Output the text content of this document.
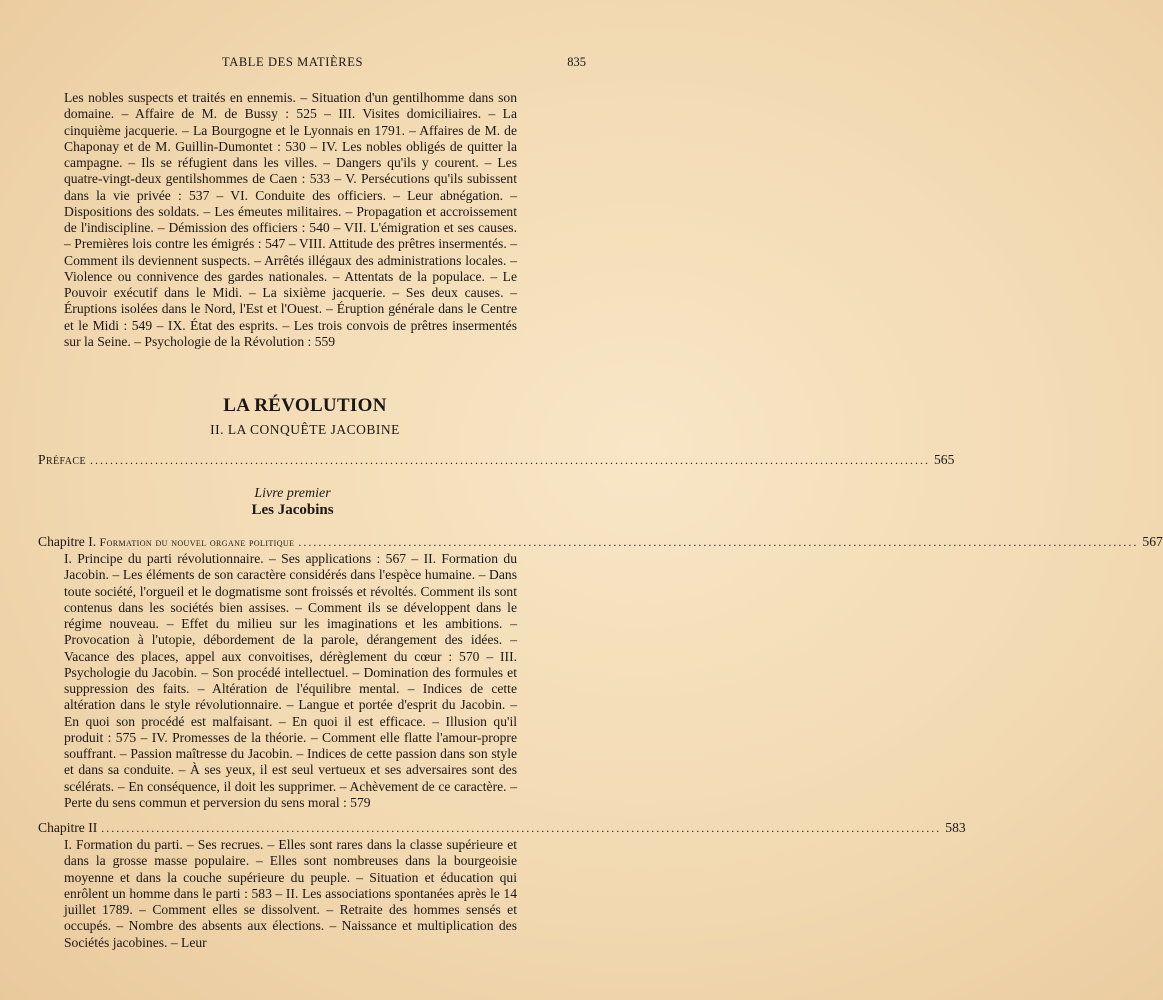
TABLE DES MATIÈRES	835

Les nobles suspects et traités en ennemis. – Situation d'un gentilhomme dans son domaine. – Affaire de M. de Bussy : 525 – III. Visites domiciliaires. – La cinquième jacquerie. – La Bourgogne et le Lyonnais en 1791. – Affaires de M. de Chaponay et de M. Guillin-Dumontet : 530 – IV. Les nobles obligés de quitter la campagne. – Ils se réfugient dans les villes. – Dangers qu'ils y courent. – Les quatre-vingt-deux gentilshommes de Caen : 533 – V. Persécutions qu'ils subissent dans la vie privée : 537 – VI. Conduite des officiers. – Leur abnégation. – Dispositions des soldats. – Les émeutes militaires. – Propagation et accroissement de l'indiscipline. – Démission des officiers : 540 – VII. L'émigration et ses causes. – Premières lois contre les émigrés : 547 – VIII. Attitude des prêtres insermentés. – Comment ils deviennent suspects. – Arrêtés illégaux des administrations locales. – Violence ou connivence des gardes nationales. – Attentats de la populace. – Le Pouvoir exécutif dans le Midi. – La sixième jacquerie. – Ses deux causes. – Éruptions isolées dans le Nord, l'Est et l'Ouest. – Éruption générale dans le Centre et le Midi : 549 – IX. État des esprits. – Les trois convois de prêtres insermentés sur la Seine. – Psychologie de la Révolution : 559

LA RÉVOLUTION
II. LA CONQUÊTE JACOBINE
Préface ........................................................................................................................................................................ 565
Livre premier
Les Jacobins
Chapitre I. Formation du nouvel organe politique ........................................................................................................................................................................ 567

I. Principe du parti révolutionnaire. – Ses applications : 567 – II. Formation du Jacobin. – Les éléments de son caractère considérés dans l'espèce humaine. – Dans toute société, l'orgueil et le dogmatisme sont froissés et révoltés. Comment ils sont contenus dans les sociétés bien assises. – Comment ils se développent dans le régime nouveau. – Effet du milieu sur les imaginations et les ambitions. – Provocation à l'utopie, débordement de la parole, dérangement des idées. – Vacance des places, appel aux convoitises, dérèglement du cœur : 570 – III. Psychologie du Jacobin. – Son procédé intellectuel. – Domination des formules et suppression des faits. – Altération de l'équilibre mental. – Indices de cette altération dans le style révolutionnaire. – Langue et portée d'esprit du Jacobin. – En quoi son procédé est malfaisant. – En quoi il est efficace. – Illusion qu'il produit : 575 – IV. Promesses de la théorie. – Comment elle flatte l'amour-propre souffrant. – Passion maîtresse du Jacobin. – Indices de cette passion dans son style et dans sa conduite. – À ses yeux, il est seul vertueux et ses adversaires sont des scélérats. – En conséquence, il doit les supprimer. – Achèvement de ce caractère. – Perte du sens commun et perversion du sens moral : 579

Chapitre II ........................................................................................................................................................................ 583

I. Formation du parti. – Ses recrues. – Elles sont rares dans la classe supérieure et dans la grosse masse populaire. – Elles sont nombreuses dans la bourgeoisie moyenne et dans la couche supérieure du peuple. – Situation et éducation qui enrôlent un homme dans le parti : 583 – II. Les associations spontanées après le 14 juillet 1789. – Comment elles se dissolvent. – Retraite des hommes sensés et occupés. – Nombre des absents aux élections. – Naissance et multiplication des Sociétés jacobines. – Leur
